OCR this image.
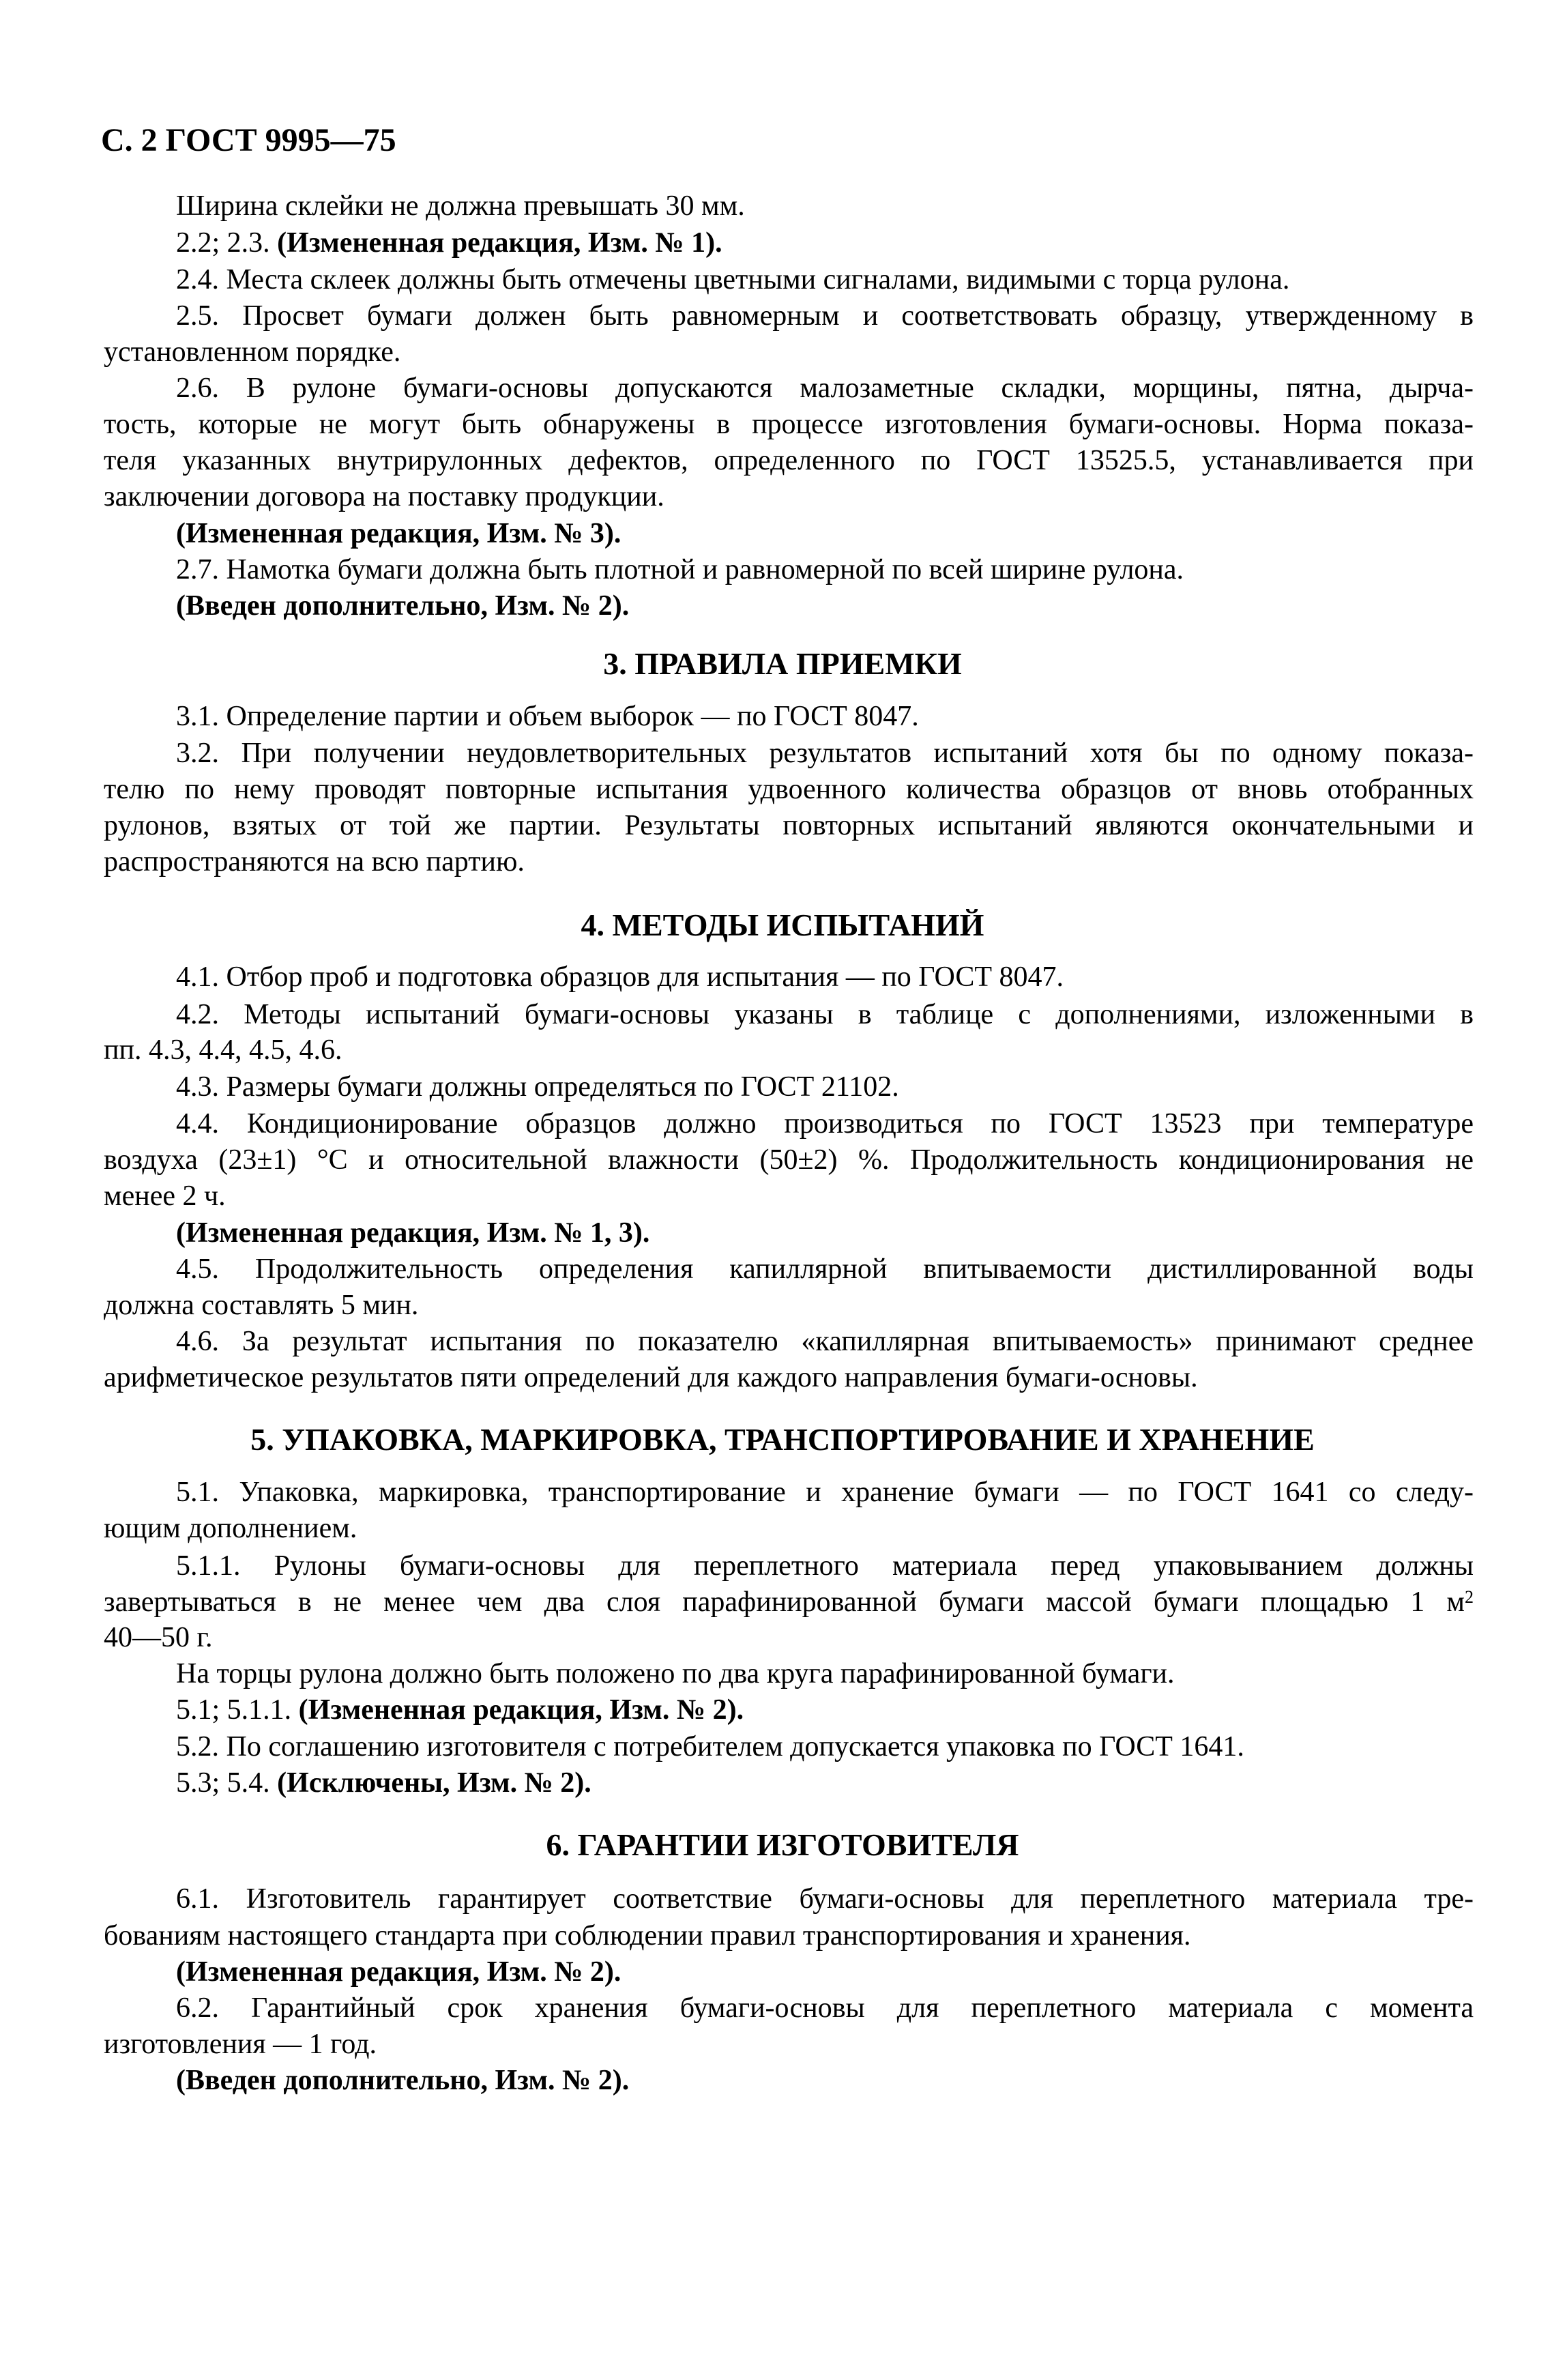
С. 2 ГОСТ 9995—75
Ширина склейки не должна превышать 30 мм.
2.2; 2.3. (Измененная редакция, Изм. № 1).
2.4. Места склеек должны быть отмечены цветными сигналами, видимыми с торца рулона.
2.5. Просвет бумаги должен быть равномерным и соответствовать образцу, утвержденному в
установленном порядке.
2.6. В рулоне бумаги-основы допускаются малозаметные складки, морщины, пятна, дырча-
тость, которые не могут быть обнаружены в процессе изготовления бумаги-основы. Норма показа-
теля указанных внутрирулонных дефектов, определенного по ГОСТ 13525.5, устанавливается при
заключении договора на поставку продукции.
(Измененная редакция, Изм. № 3).
2.7. Намотка бумаги должна быть плотной и равномерной по всей ширине рулона.
(Введен дополнительно, Изм. № 2).
3. ПРАВИЛА ПРИЕМКИ
3.1. Определение партии и объем выборок — по ГОСТ 8047.
3.2. При получении неудовлетворительных результатов испытаний хотя бы по одному показа-
телю по нему проводят повторные испытания удвоенного количества образцов от вновь отобранных
рулонов, взятых от той же партии. Результаты повторных испытаний являются окончательными и
распространяются на всю партию.
4. МЕТОДЫ ИСПЫТАНИЙ
4.1. Отбор проб и подготовка образцов для испытания — по ГОСТ 8047.
4.2. Методы испытаний бумаги-основы указаны в таблице с дополнениями, изложенными в
пп. 4.3, 4.4, 4.5, 4.6.
4.3. Размеры бумаги должны определяться по ГОСТ 21102.
4.4. Кондиционирование образцов должно производиться по ГОСТ 13523 при температуре
воздуха (23±1) °С и относительной влажности (50±2) %. Продолжительность кондиционирования не
менее 2 ч.
(Измененная редакция, Изм. № 1, 3).
4.5. Продолжительность определения капиллярной впитываемости дистиллированной воды
должна составлять 5 мин.
4.6. За результат испытания по показателю «капиллярная впитываемость» принимают среднее
арифметическое результатов пяти определений для каждого направления бумаги-основы.
5. УПАКОВКА, МАРКИРОВКА, ТРАНСПОРТИРОВАНИЕ И ХРАНЕНИЕ
5.1. Упаковка, маркировка, транспортирование и хранение бумаги — по ГОСТ 1641 со следу-
ющим дополнением.
5.1.1. Рулоны бумаги-основы для переплетного материала перед упаковыванием должны
завертываться в не менее чем два слоя парафинированной бумаги массой бумаги площадью 1 $м^2$
40—50 г.
На торцы рулона должно быть положено по два круга парафинированной бумаги.
5.1; 5.1.1. (Измененная редакция, Изм. № 2).
5.2. По соглашению изготовителя с потребителем допускается упаковка по ГОСТ 1641.
5.3; 5.4. (Исключены, Изм. № 2).
6. ГАРАНТИИ ИЗГОТОВИТЕЛЯ
6.1. Изготовитель гарантирует соответствие бумаги-основы для переплетного материала тре-
бованиям настоящего стандарта при соблюдении правил транспортирования и хранения.
(Измененная редакция, Изм. № 2).
6.2. Гарантийный срок хранения бумаги-основы для переплетного материала с момента
изготовления — 1 год.
(Введен дополнительно, Изм. № 2).
